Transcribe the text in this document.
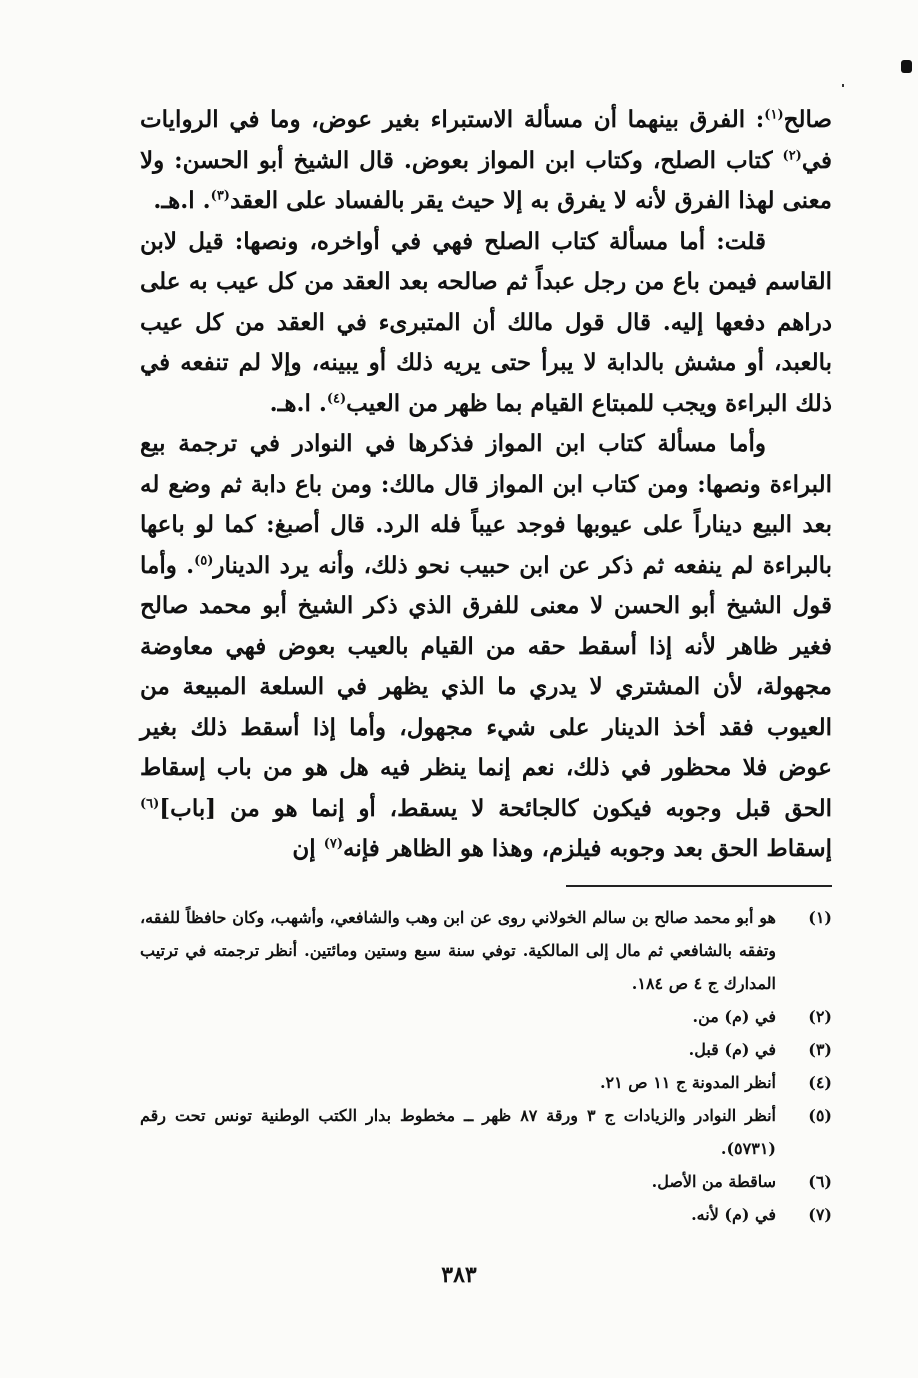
صالح$^{(١)}$: الفرق بينهما أن مسألة الاستبراء بغير عوض، وما في الروايات في$^{(٢)}$ كتاب الصلح، وكتاب ابن المواز بعوض. قال الشيخ أبو الحسن: ولا معنى لهذا الفرق لأنه لا يفرق به إلا حيث يقر بالفساد على العقد$^{(٣)}$. ا.هـ.

قلت: أما مسألة كتاب الصلح فهي في أواخره، ونصها: قيل لابن القاسم فيمن باع من رجل عبداً ثم صالحه بعد العقد من كل عيب به على دراهم دفعها إليه. قال قول مالك أن المتبرىء في العقد من كل عيب بالعبد، أو مشش بالدابة لا يبرأ حتى يريه ذلك أو يبينه، وإلا لم تنفعه في ذلك البراءة ويجب للمبتاع القيام بما ظهر من العيب$^{(٤)}$. ا.هـ.

وأما مسألة كتاب ابن المواز فذكرها في النوادر في ترجمة بيع البراءة ونصها: ومن كتاب ابن المواز قال مالك: ومن باع دابة ثم وضع له بعد البيع ديناراً على عيوبها فوجد عيباً فله الرد. قال أصبغ: كما لو باعها بالبراءة لم ينفعه ثم ذكر عن ابن حبيب نحو ذلك، وأنه يرد الدينار$^{(٥)}$. وأما قول الشيخ أبو الحسن لا معنى للفرق الذي ذكر الشيخ أبو محمد صالح فغير ظاهر لأنه إذا أسقط حقه من القيام بالعيب بعوض فهي معاوضة مجهولة، لأن المشتري لا يدري ما الذي يظهر في السلعة المبيعة من العيوب فقد أخذ الدينار على شيء مجهول، وأما إذا أسقط ذلك بغير عوض فلا محظور في ذلك، نعم إنما ينظر فيه هل هو من باب إسقاط الحق قبل وجوبه فيكون كالجائحة لا يسقط، أو إنما هو من [باب]$^{(٦)}$ إسقاط الحق بعد وجوبه فيلزم، وهذا هو الظاهر فإنه$^{(٧)}$ إن

(١)
هو أبو محمد صالح بن سالم الخولاني روى عن ابن وهب والشافعي، وأشهب، وكان حافظاً للفقه، وتفقه بالشافعي ثم مال إلى المالكية. توفي سنة سبع وستين ومائتين. أنظر ترجمته في ترتيب المدارك ج ٤ ص ١٨٤.
(٢)
في (م) من.
(٣)
في (م) قبل.
(٤)
أنظر المدونة ج ١١ ص ٢١.
(٥)
أنظر النوادر والزيادات ج ٣ ورقة ٨٧ ظهر ــ مخطوط بدار الكتب الوطنية تونس تحت رقم (٥٧٣١).
(٦)
ساقطة من الأصل.
(٧)
في (م) لأنه.
٣٨٣
